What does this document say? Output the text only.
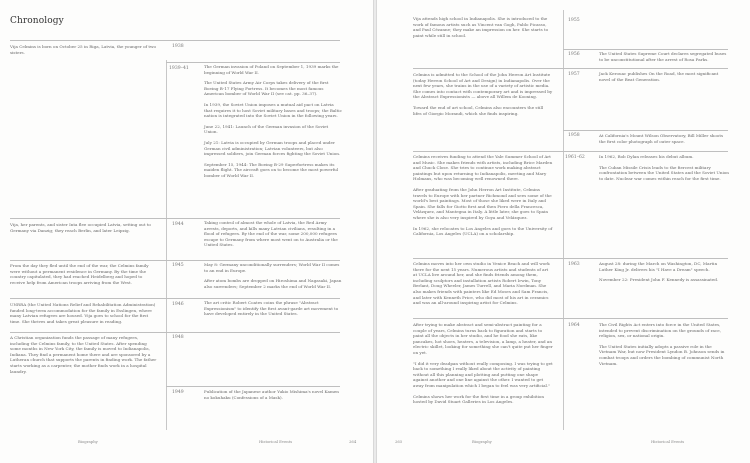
Chronology

Vija Celmins is born on October 25 in Riga, Latvia, the younger of two sisters.

1938
1939–41	The German invasion of Poland on September 1, 1939 marks the beginning of World War II.

The United States Army Air Corps takes delivery of the first Boeing B-17 Flying Fortress. It becomes the most famous American bomber of World War II (see cat. pp. 36–37).

In 1939, the Soviet Union imposes a mutual aid pact on Latvia that requires it to host Soviet military bases and troops; the Baltic nation is integrated into the Soviet Union in the following years.

June 22, 1941: Launch of the German invasion of the Soviet Union.

July 21: Latvia is occupied by German troops and placed under German civil administration; Latvian volunteers, but also impressed soldiers, join German forces fighting the Soviet Union.

September 15, 1944: The Boeing B-29 Superfortress makes its maiden flight. The aircraft goes on to become the most powerful bomber of World War II.

Vija, her parents, and sister Inta flee occupied Latvia, setting out to Germany via Danzig; they reach Berlin, and later Leipzig.

1944	Taking control of almost the whole of Latvia, the Red Army arrests, deports, and kills many Latvian civilians, resulting in a flood of refugees. By the end of the war, some 200,000 refugees escape to Germany from where most went on to Australia or the United States.

From the day they fled until the end of the war, the Celmins family were without a permanent residence in Germany. By the time the country capitulated, they had reached Heidelberg and hoped to receive help from American troops arriving from the West.

1945	May 8: Germany unconditionally surrenders; World War II comes to an end in Europe.

After atom bombs are dropped on Hiroshima and Nagasaki, Japan also surrenders; September 2 marks the end of World War II.

UNRRA (the United Nations Relief and Rehabilitation Administration) funded long-term accommodation for the family in Esslingen, where many Latvian refugees are housed. Vija goes to school for the first time. She thrives and takes great pleasure in reading.

1946	The art critic Robert Coates coins the phrase "Abstract Expressionism" to identify the first avant-garde art movement to have developed entirely in the United States.

A Christian organization funds the passage of many refugees, including the Celmins family, to the United States. After spending some months in New York City, the family is moved to Indianapolis, Indiana. They find a permanent home there and are sponsored by a Lutheran church that supports the parents in finding work. The father starts working as a carpenter, the mother finds work in a hospital laundry.

1948
1949	Publication of the Japanese author Yukio Mishima's novel Kamen no kokuhaku (Confessions of a Mask).

Biography	Historical Events	264

Vija attends high school in Indianapolis. She is introduced to the work of famous artists such as Vincent van Gogh, Pablo Picasso, and Paul Cézanne; they make an impression on her. She starts to paint while still in school.

1955
1956	The United States Supreme Court declares segregated buses to be unconstitutional after the arrest of Rosa Parks.

Celmins is admitted to the School of the John Herron Art Institute (today Herron School of Art and Design) in Indianapolis. Over the next few years, she trains in the use of a variety of artistic media. She comes into contact with contemporary art and is impressed by the Abstract Expressionists — above all Willem de Kooning.

Toward the end of art school, Celmins also encounters the still lifes of Giorgio Morandi, which she finds inspiring.

1957	Jack Kerouac publishes On the Road, the most significant novel of the Beat Generation.

1958	At California's Mount Wilson Observatory, Bill Miller shoots the first color photograph of outer space.

Celmins receives funding to attend the Yale Summer School of Art and Music. She makes friends with artists, including Brice Marden and Chuck Close. She tries to continue work making abstract paintings but upon returning to Indianapolis, meeting and Mary Holmans, who was becoming well renowned there.

After graduating from the John Herron Art Institute, Celmins travels to Europe with her partner Richmond and sees some of the world's best paintings. Most of those she liked were in Italy and Spain. She falls for Giotto first and then Piero della Francesca, Velázquez, and Mantegna in Italy. A little later, she goes to Spain where she is also very inspired by Goya and Velázquez.

In 1962, she relocates to Los Angeles and goes to the University of California, Los Angeles (UCLA) on a scholarship.

1961–62	In 1962, Bob Dylan releases his debut album.

The Cuban Missile Crisis leads to the fiercest military confrontation between the United States and the Soviet Union to date. Nuclear war comes within reach for the first time.

Celmins moves into her own studio in Venice Beach and will work there for the next 15 years. Numerous artists and students of art at UCLA live around her, and she finds friends among them, including sculptors and installation artists Robert Irwin, Tony Berlant, Doug Wheeler, James Turrell, and Maria Nordman. She also makes friends with painters like Ed Moses and Sam Francis, and later with Kenneth Price, who did most of his art in ceramics and was an all-around inspiring artist for Celmins.

1963	August 28: during the March on Washington, DC, Martin Luther King Jr. delivers his "I Have a Dream" speech.

November 22: President John F. Kennedy is assassinated.

After trying to make abstract and semi-abstract painting for a couple of years, Celmins turns back to figuration and starts to paint all the objects in her studio, and he food she eats, like pancakes, hot shoes, heaters, a television, a lamp, a heater, and an electric skillet, looking for something she can't quite put her finger on yet.

"I did it very deadpan without really composing. I was trying to get back to something I really liked about the activity of painting without all this planning and plotting and putting one shape against another and one line against the other. I wanted to get away from manipulation which I began to feel was very artificial."

Celmins shows her work for the first time in a group exhibition hosted by David Stuart Galleries in Los Angeles.

1964	The Civil Rights Act enters into force in the United States, intended to prevent discrimination on the grounds of race, religion, sex, or national origin.

The United States initially adopts a passive role in the Vietnam War, but now President Lyndon B. Johnson sends in combat troops and orders the bombing of communist North Vietnam.

265	Biography	Historical Events
